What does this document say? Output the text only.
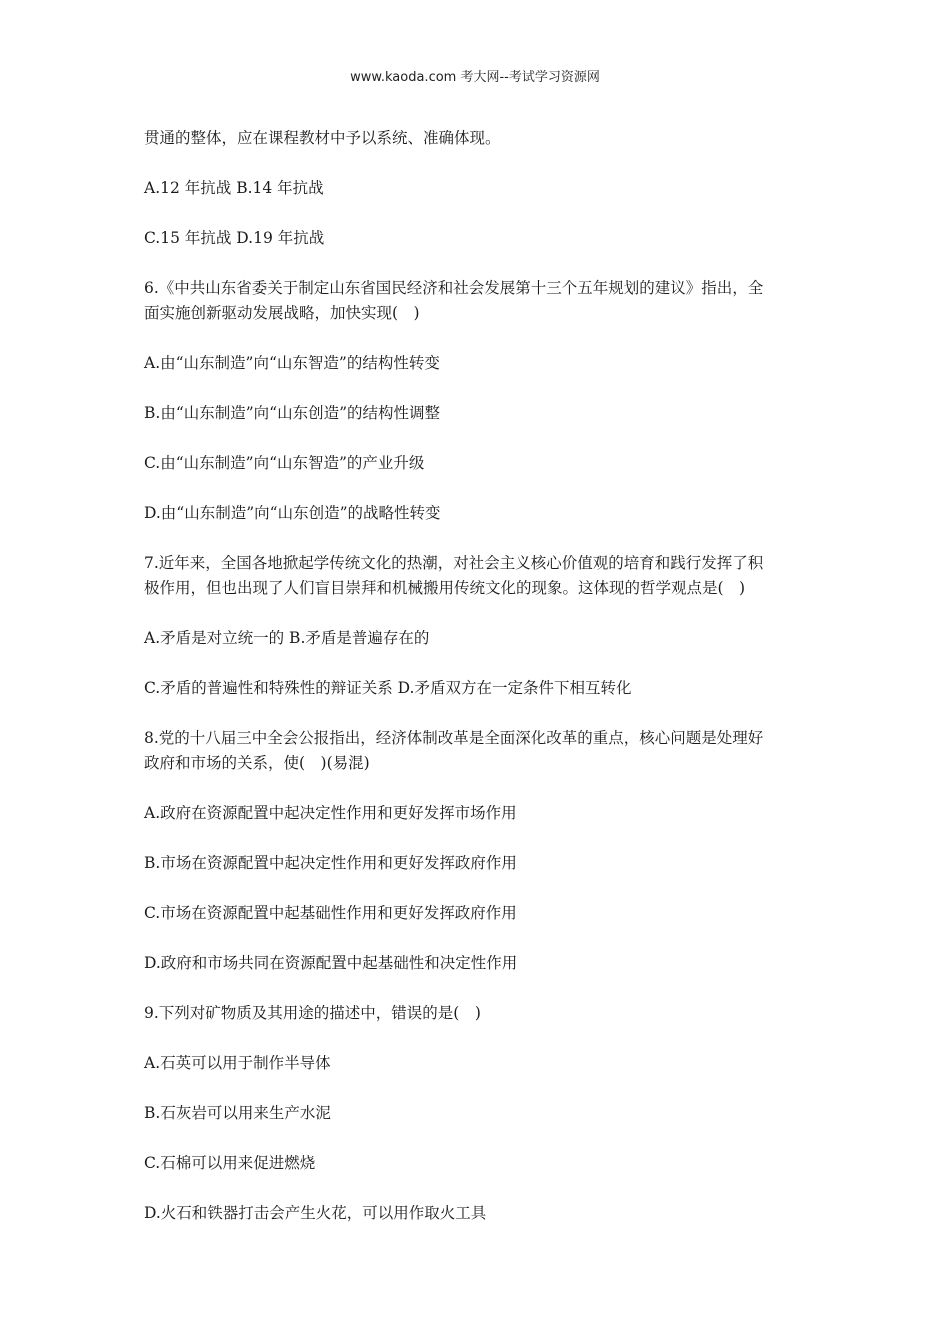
www.kaoda.com 考大网--考试学习资源网

贯通的整体，应在课程教材中予以系统、准确体现。

A.12 年抗战 B.14 年抗战

C.15 年抗战 D.19 年抗战

6.《中共山东省委关于制定山东省国民经济和社会发展第十三个五年规划的建议》指出，全

面实施创新驱动发展战略，加快实现(　)

A.由“山东制造”向“山东智造”的结构性转变

B.由“山东制造”向“山东创造”的结构性调整

C.由“山东制造”向“山东智造”的产业升级

D.由“山东制造”向“山东创造”的战略性转变

7.近年来，全国各地掀起学传统文化的热潮，对社会主义核心价值观的培育和践行发挥了积

极作用，但也出现了人们盲目崇拜和机械搬用传统文化的现象。这体现的哲学观点是(　)

A.矛盾是对立统一的 B.矛盾是普遍存在的

C.矛盾的普遍性和特殊性的辩证关系 D.矛盾双方在一定条件下相互转化

8.党的十八届三中全会公报指出，经济体制改革是全面深化改革的重点，核心问题是处理好

政府和市场的关系，使(　)(易混)

A.政府在资源配置中起决定性作用和更好发挥市场作用

B.市场在资源配置中起决定性作用和更好发挥政府作用

C.市场在资源配置中起基础性作用和更好发挥政府作用

D.政府和市场共同在资源配置中起基础性和决定性作用

9.下列对矿物质及其用途的描述中，错误的是(　)

A.石英可以用于制作半导体

B.石灰岩可以用来生产水泥

C.石棉可以用来促进燃烧

D.火石和铁器打击会产生火花，可以用作取火工具
